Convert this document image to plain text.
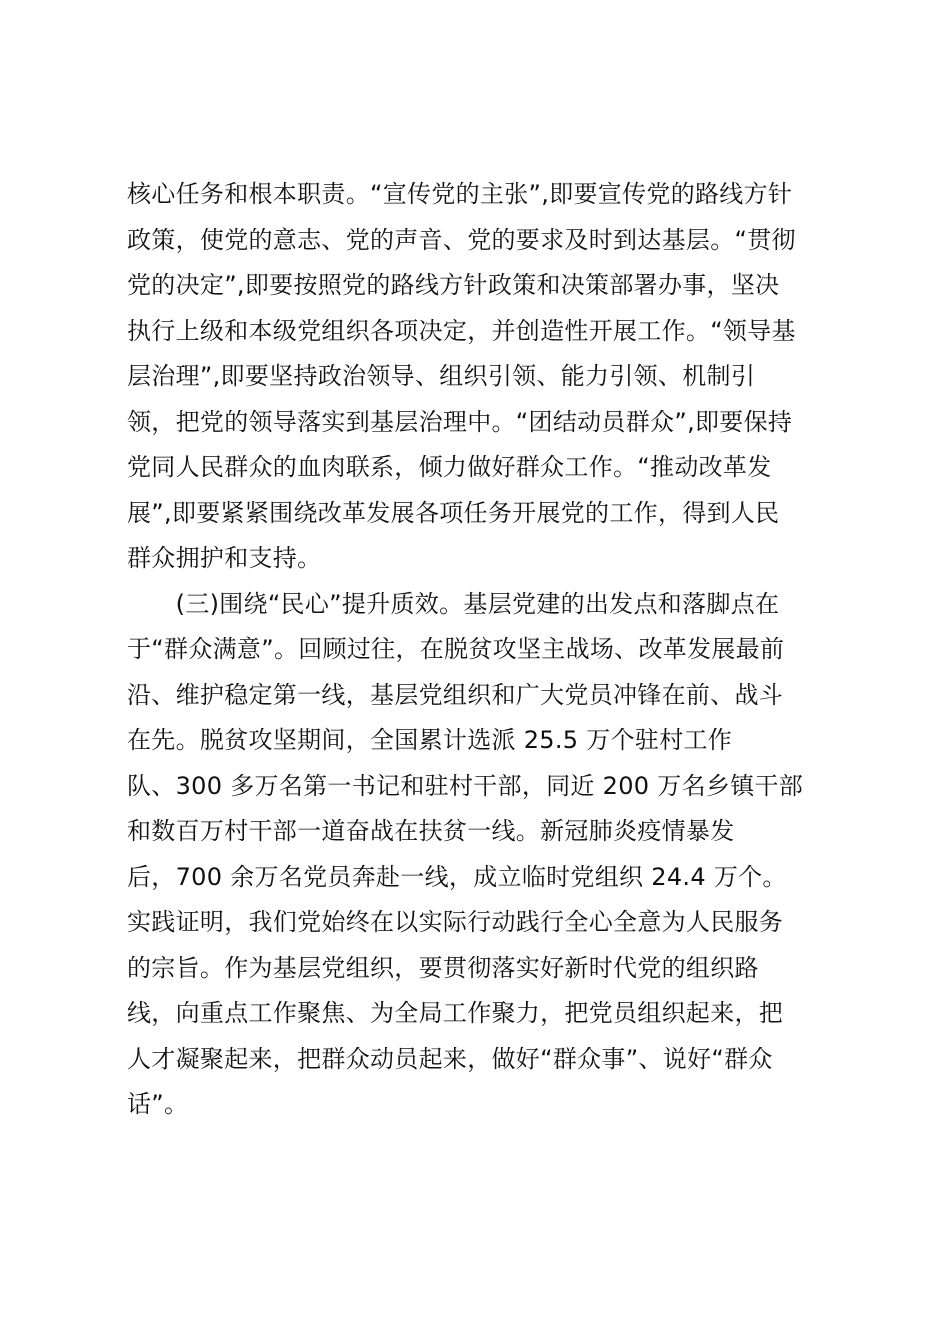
核心任务和根本职责。“宣传党的主张”,即要宣传党的路线方针
政策，使党的意志、党的声音、党的要求及时到达基层。“贯彻
党的决定”,即要按照党的路线方针政策和决策部署办事，坚决
执行上级和本级党组织各项决定，并创造性开展工作。“领导基
层治理”,即要坚持政治领导、组织引领、能力引领、机制引
领，把党的领导落实到基层治理中。“团结动员群众”,即要保持
党同人民群众的血肉联系，倾力做好群众工作。“推动改革发
展”,即要紧紧围绕改革发展各项任务开展党的工作，得到人民
群众拥护和支持。
　　(三)围绕“民心”提升质效。基层党建的出发点和落脚点在
于“群众满意”。回顾过往，在脱贫攻坚主战场、改革发展最前
沿、维护稳定第一线，基层党组织和广大党员冲锋在前、战斗
在先。脱贫攻坚期间，全国累计选派 25.5 万个驻村工作
队、300 多万名第一书记和驻村干部，同近 200 万名乡镇干部
和数百万村干部一道奋战在扶贫一线。新冠肺炎疫情暴发
后，700 余万名党员奔赴一线，成立临时党组织 24.4 万个。
实践证明，我们党始终在以实际行动践行全心全意为人民服务
的宗旨。作为基层党组织，要贯彻落实好新时代党的组织路
线，向重点工作聚焦、为全局工作聚力，把党员组织起来，把
人才凝聚起来，把群众动员起来，做好“群众事”、说好“群众
话”。
